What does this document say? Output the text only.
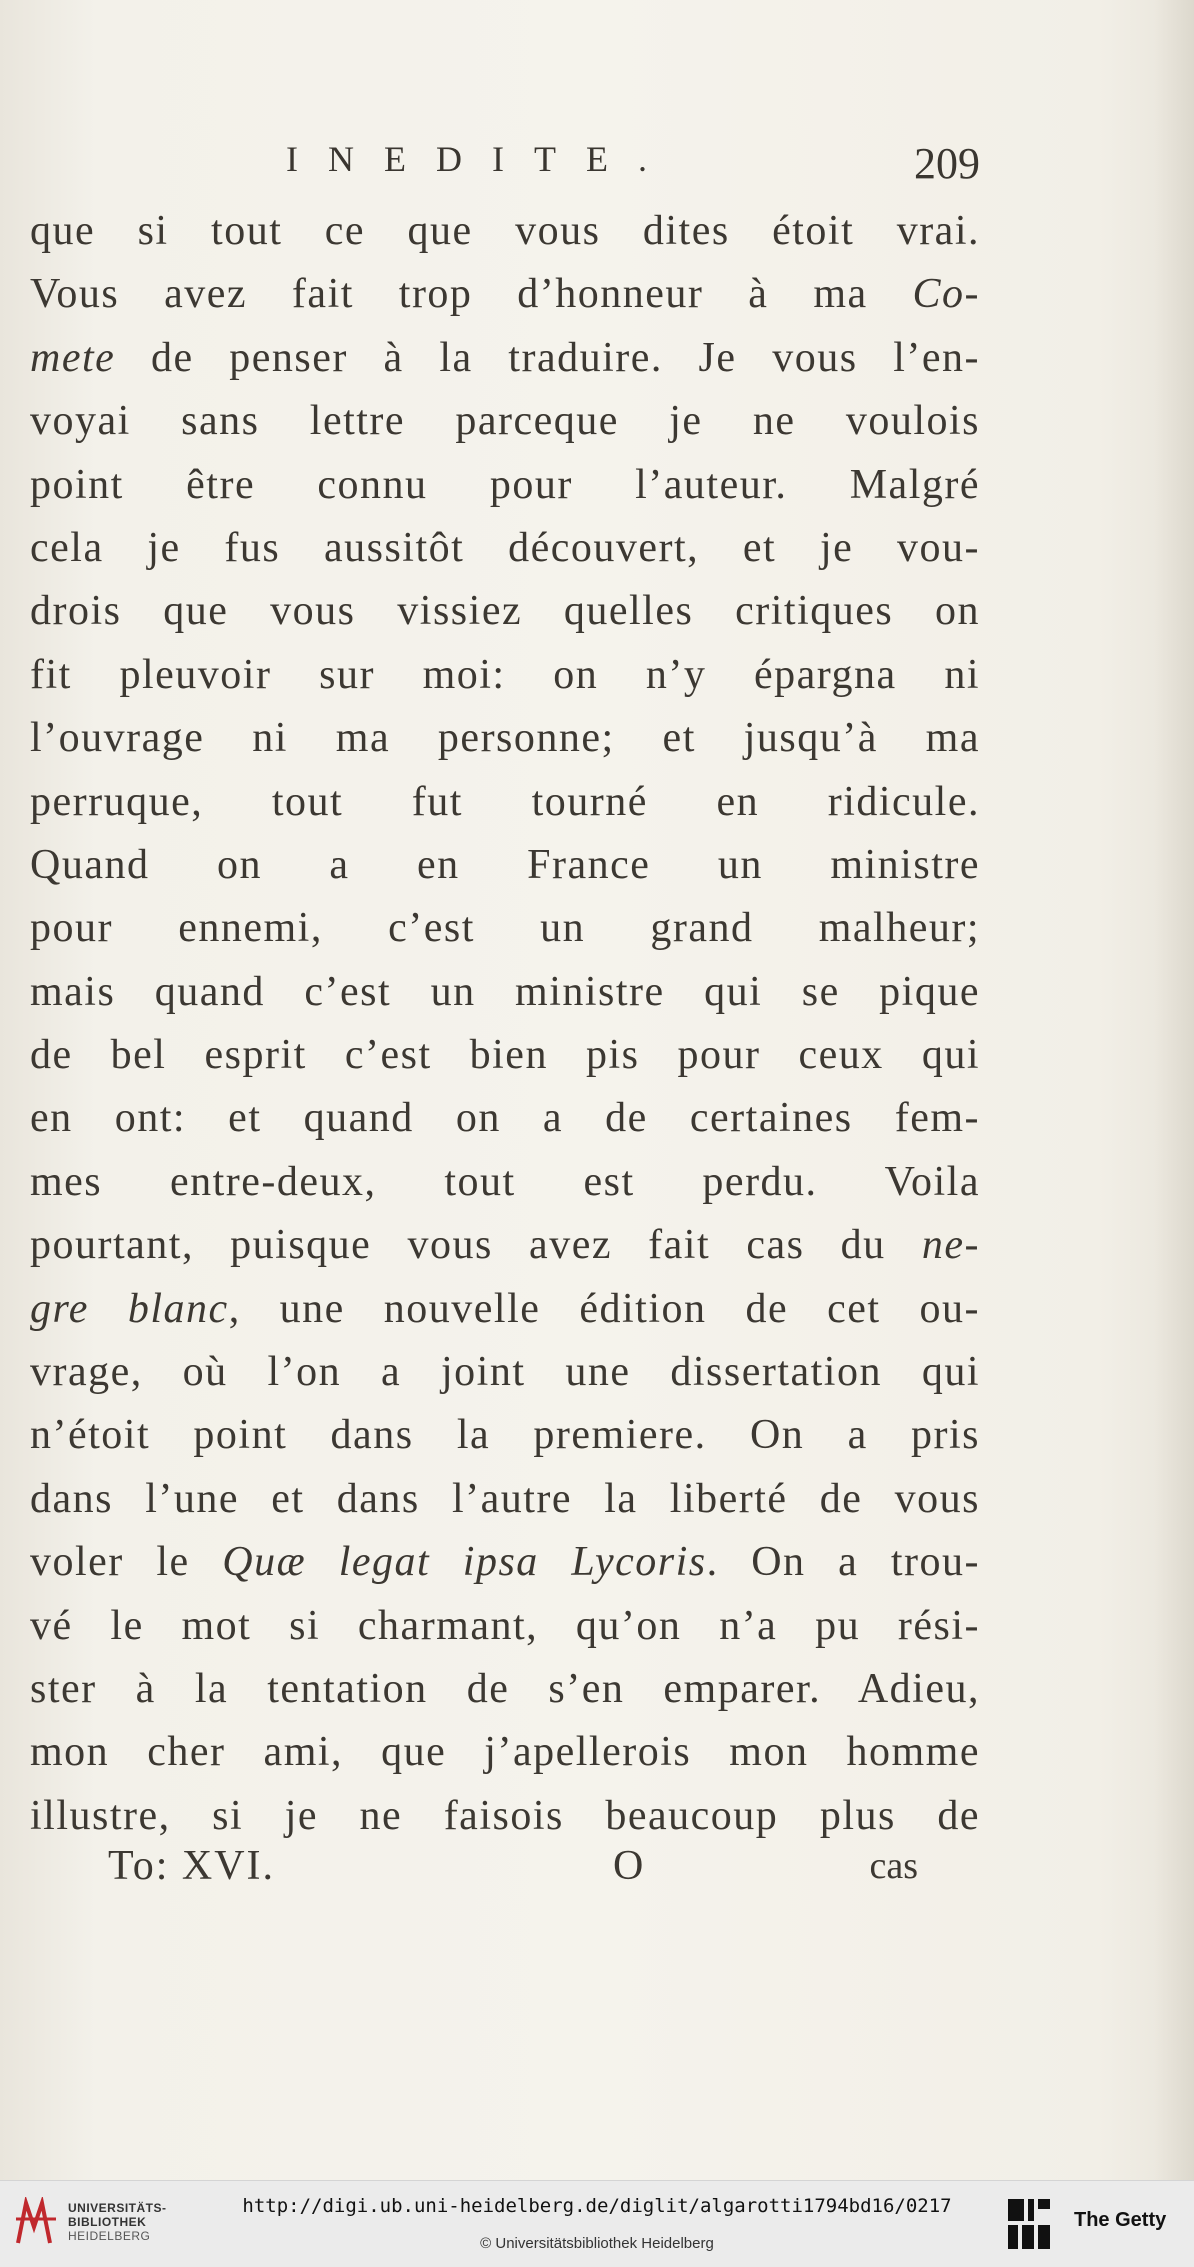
INEDITE.	209
que si tout ce que vous dites étoit vrai.
Vous avez fait trop d’honneur à ma Co-
mete de penser à la traduire. Je vous l’en-
voyai sans lettre parceque je ne voulois
point être connu pour l’auteur. Malgré
cela je fus aussitôt découvert, et je vou-
drois que vous vissiez quelles critiques on
fit pleuvoir sur moi: on n’y épargna ni
l’ouvrage ni ma personne; et jusqu’à ma
perruque, tout fut tourné en ridicule.
Quand on a en France un ministre
pour ennemi, c’est un grand malheur;
mais quand c’est un ministre qui se pique
de bel esprit c’est bien pis pour ceux qui
en ont: et quand on a de certaines fem-
mes entre-deux, tout est perdu. Voila
pourtant, puisque vous avez fait cas du ne-
gre blanc, une nouvelle édition de cet ou-
vrage, où l’on a joint une dissertation qui
n’étoit point dans la premiere. On a pris
dans l’une et dans l’autre la liberté de vous
voler le Quæ legat ipsa Lycoris. On a trou-
vé le mot si charmant, qu’on n’a pu rési-
ster à la tentation de s’en emparer. Adieu,
mon cher ami, que j’apellerois mon homme
illustre, si je ne faisois beaucoup plus de
To: XVI.	O	cas
UNIVERSITÄTS-
BIBLIOTHEK
HEIDELBERG
http://digi.ub.uni-heidelberg.de/diglit/algarotti1794bd16/0217
© Universitätsbibliothek Heidelberg
The Getty
